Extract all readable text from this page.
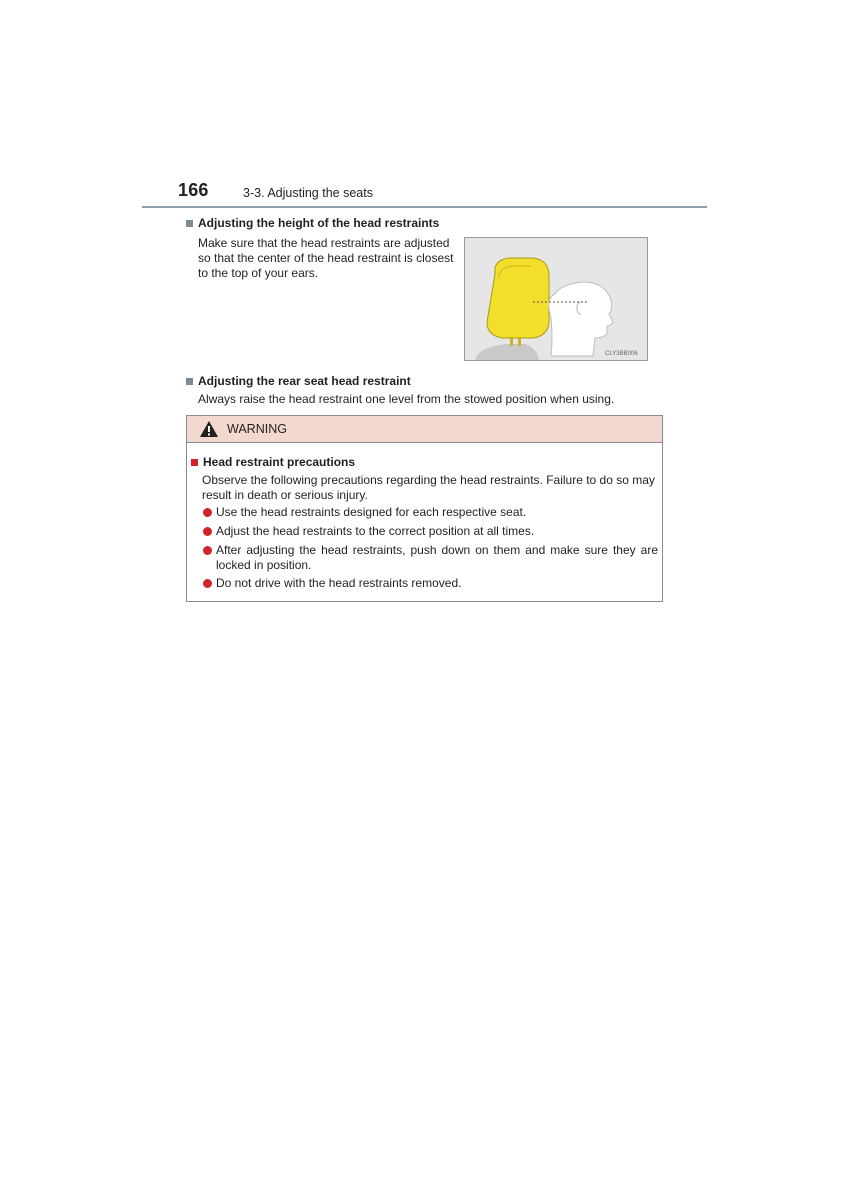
166	3-3. Adjusting the seats
Adjusting the height of the head restraints
Make sure that the head restraints are adjusted
so that the center of the head restraint is closest
to the top of your ears.
CLY3BB006
Adjusting the rear seat head restraint
Always raise the head restraint one level from the stowed position when using.
WARNING
Head restraint precautions
Observe the following precautions regarding the head restraints. Failure to do so may
result in death or serious injury.
Use the head restraints designed for each respective seat.
Adjust the head restraints to the correct position at all times.
After adjusting the head restraints, push down on them and make sure they are locked in position.
Do not drive with the head restraints removed.
